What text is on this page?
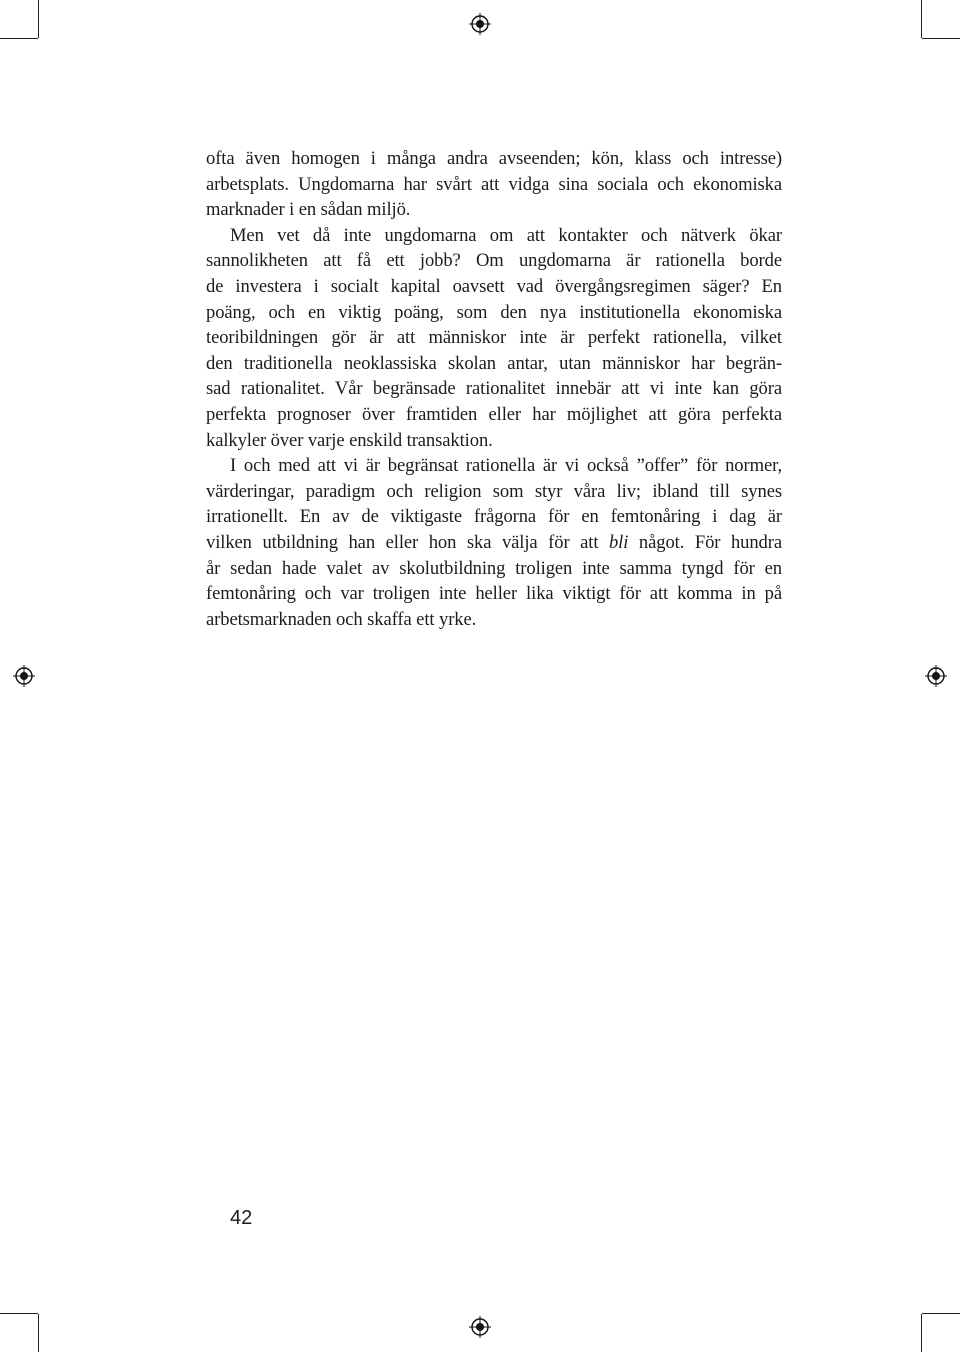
ofta även homogen i många andra avseenden; kön, klass och intresse)
arbetsplats. Ungdomarna har svårt att vidga sina sociala och ekonomiska
marknader i en sådan miljö.
Men vet då inte ungdomarna om att kontakter och nätverk ökar
sannolikheten att få ett jobb? Om ungdomarna är rationella borde
de investera i socialt kapital oavsett vad övergångsregimen säger? En
poäng, och en viktig poäng, som den nya institutionella ekonomiska
teoribildningen gör är att människor inte är perfekt rationella, vilket
den traditionella neoklassiska skolan antar, utan människor har begrän-
sad rationalitet. Vår begränsade rationalitet innebär att vi inte kan göra
perfekta prognoser över framtiden eller har möjlighet att göra perfekta
kalkyler över varje enskild transaktion.
I och med att vi är begränsat rationella är vi också ”offer” för normer,
värderingar, paradigm och religion som styr våra liv; ibland till synes
irrationellt. En av de viktigaste frågorna för en femtonåring i dag är
vilken utbildning han eller hon ska välja för att bli något. För hundra
år sedan hade valet av skolutbildning troligen inte samma tyngd för en
femtonåring och var troligen inte heller lika viktigt för att komma in på
arbetsmarknaden och skaffa ett yrke.
42
